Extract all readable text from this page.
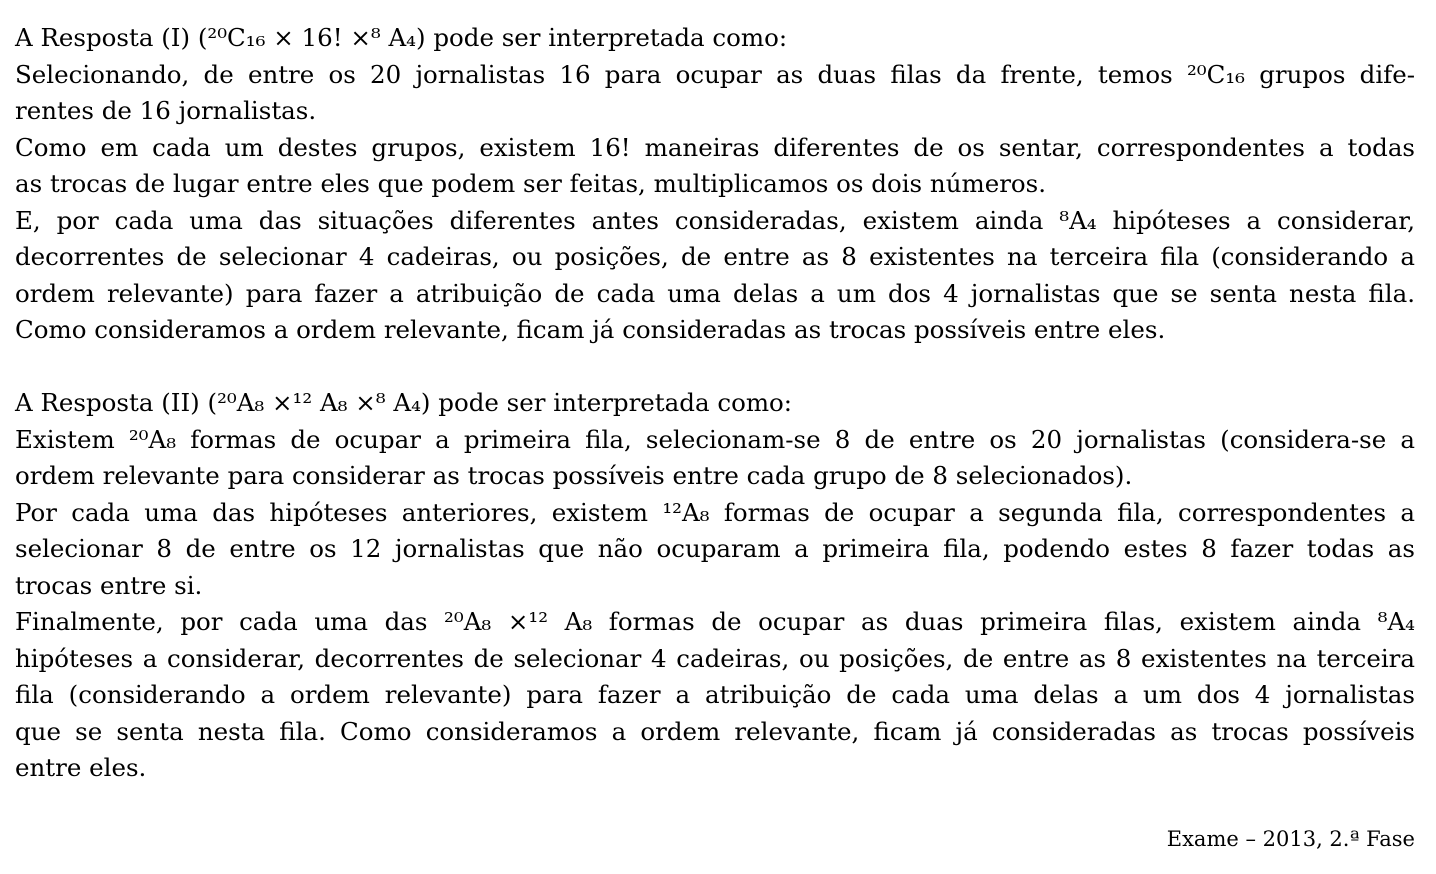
A Resposta (I) (²⁰C₁₆ × 16! ×⁸ A₄) pode ser interpretada como:
Selecionando, de entre os 20 jornalistas 16 para ocupar as duas filas da frente, temos ²⁰C₁₆ grupos dife-
rentes de 16 jornalistas.
Como em cada um destes grupos, existem 16! maneiras diferentes de os sentar, correspondentes a todas
as trocas de lugar entre eles que podem ser feitas, multiplicamos os dois números.
E, por cada uma das situações diferentes antes consideradas, existem ainda ⁸A₄ hipóteses a considerar,
decorrentes de selecionar 4 cadeiras, ou posições, de entre as 8 existentes na terceira fila (considerando a
ordem relevante) para fazer a atribuição de cada uma delas a um dos 4 jornalistas que se senta nesta fila.
Como consideramos a ordem relevante, ficam já consideradas as trocas possíveis entre eles.
A Resposta (II) (²⁰A₈ ×¹² A₈ ×⁸ A₄) pode ser interpretada como:
Existem ²⁰A₈ formas de ocupar a primeira fila, selecionam-se 8 de entre os 20 jornalistas (considera-se a
ordem relevante para considerar as trocas possíveis entre cada grupo de 8 selecionados).
Por cada uma das hipóteses anteriores, existem ¹²A₈ formas de ocupar a segunda fila, correspondentes a
selecionar 8 de entre os 12 jornalistas que não ocuparam a primeira fila, podendo estes 8 fazer todas as
trocas entre si.
Finalmente, por cada uma das ²⁰A₈ ×¹² A₈ formas de ocupar as duas primeira filas, existem ainda ⁸A₄
hipóteses a considerar, decorrentes de selecionar 4 cadeiras, ou posições, de entre as 8 existentes na terceira
fila (considerando a ordem relevante) para fazer a atribuição de cada uma delas a um dos 4 jornalistas
que se senta nesta fila. Como consideramos a ordem relevante, ficam já consideradas as trocas possíveis
entre eles.
Exame – 2013, 2.ª Fase
